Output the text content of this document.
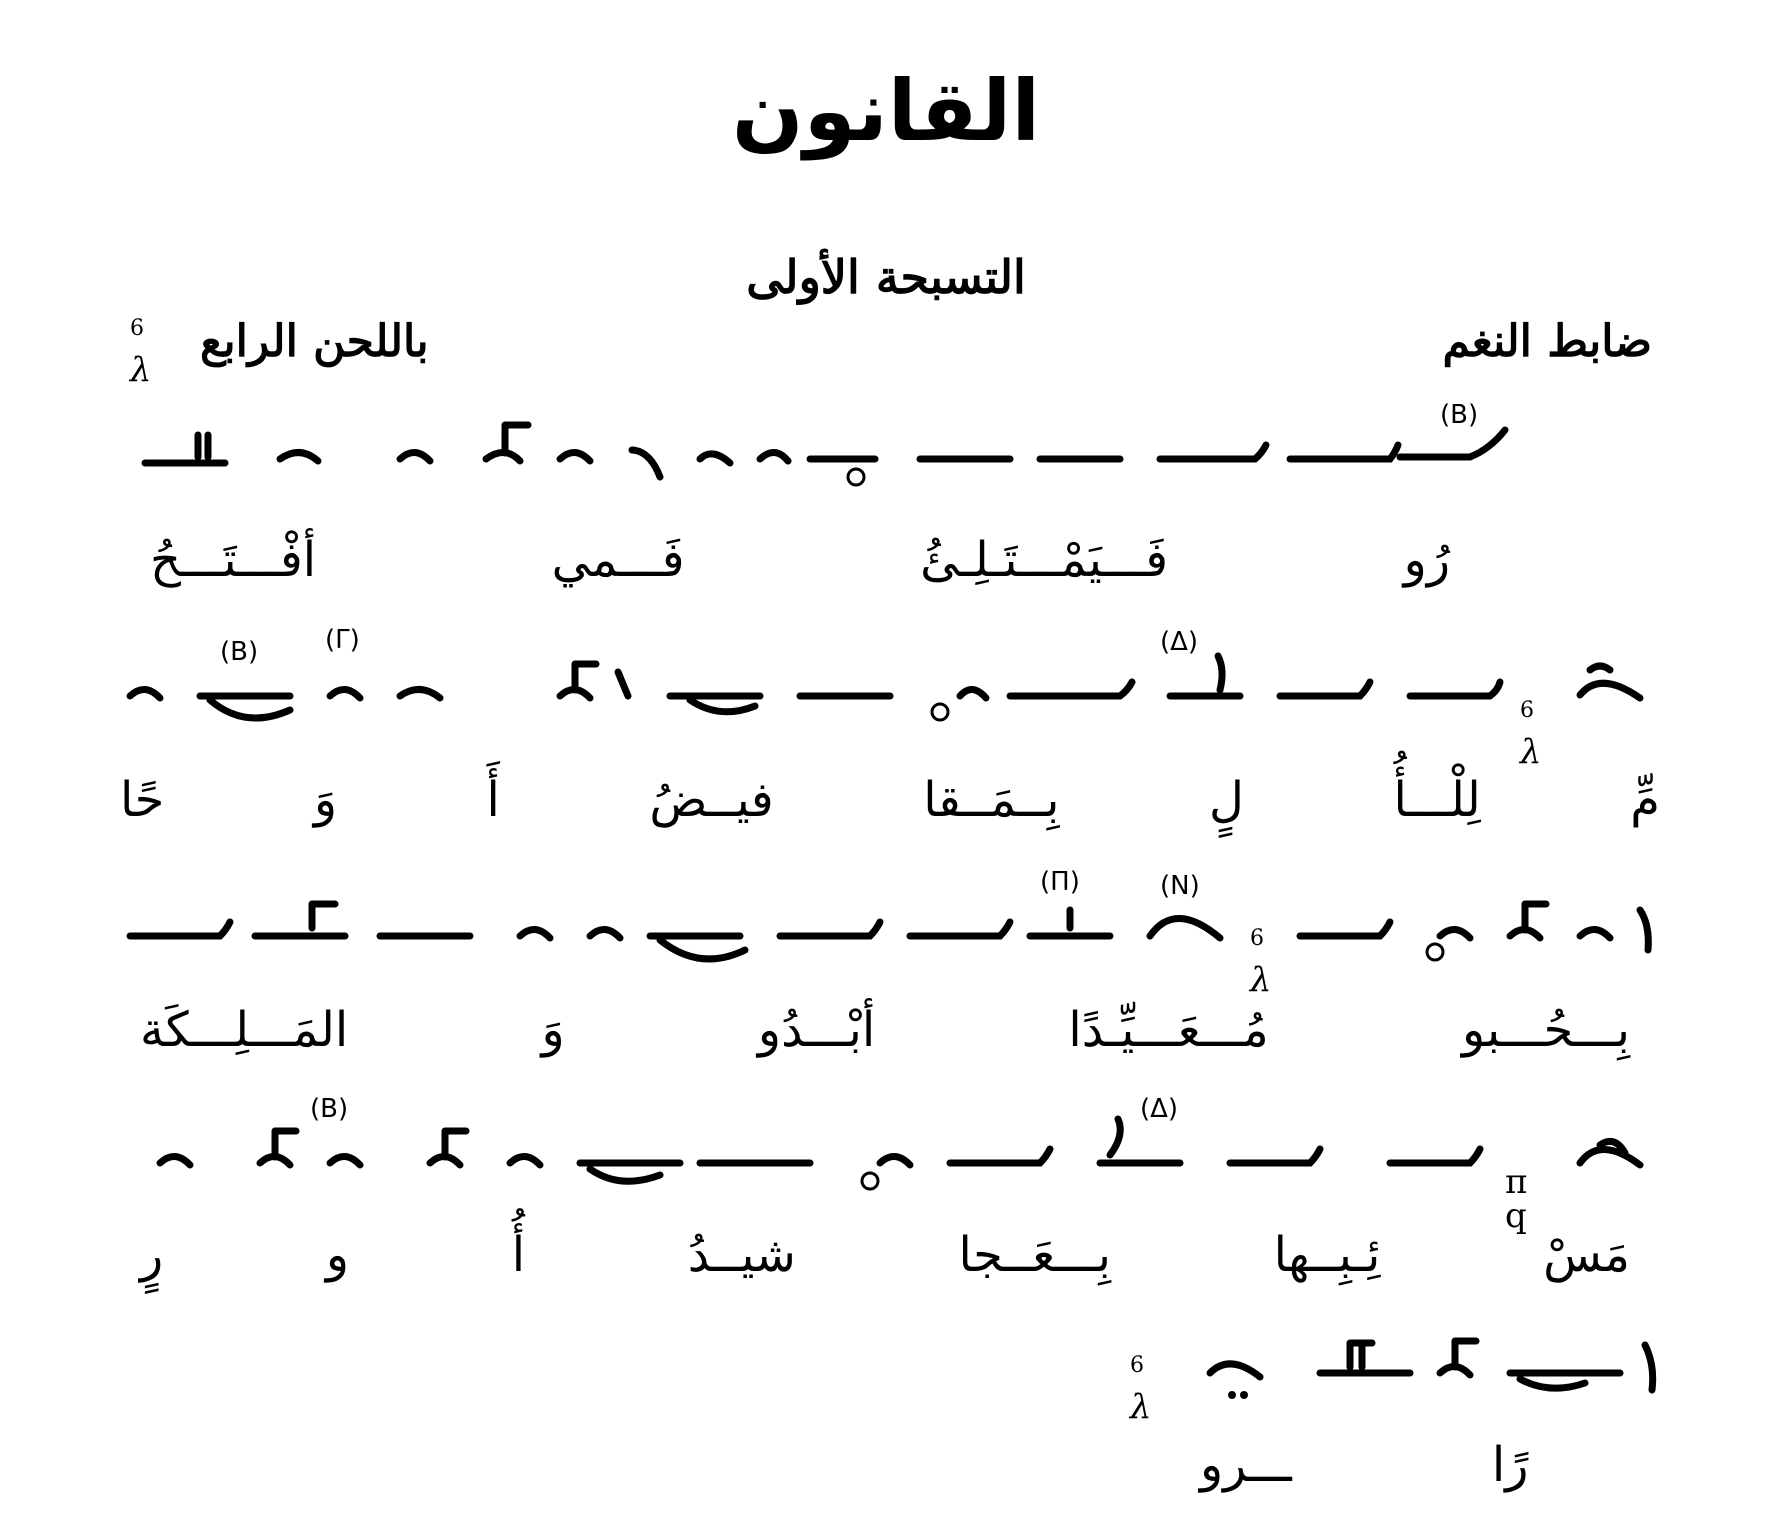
القانون
التسبحة الأولى
ضابط النغم
باللحن الرابع
$^6$
λ
(B)
أفْـــتَـــحُ	فَـــمي	فَـــيَمْـــتَـلِـئُ	رُو
(Δ)
(Γ)
(B)
$^6$
λ
حًا	وَ	أَ	فيــضُ	بِــمَــقا	لٍ	لِلْـــأُ	مِّ
(N)
(Π)
$^6$
λ
المَـــلِـــكَة	وَ	أبْـــدُو	مُـــعَـــيِّـدًا	بِـــحُـــبو
(Δ)
(B)
π
q
رٍ	و	أُ	شيــدُ	بِـــعَــجا	ئِـبِــها	مَسْ
$^6$
λ
ـــرو	رًا
